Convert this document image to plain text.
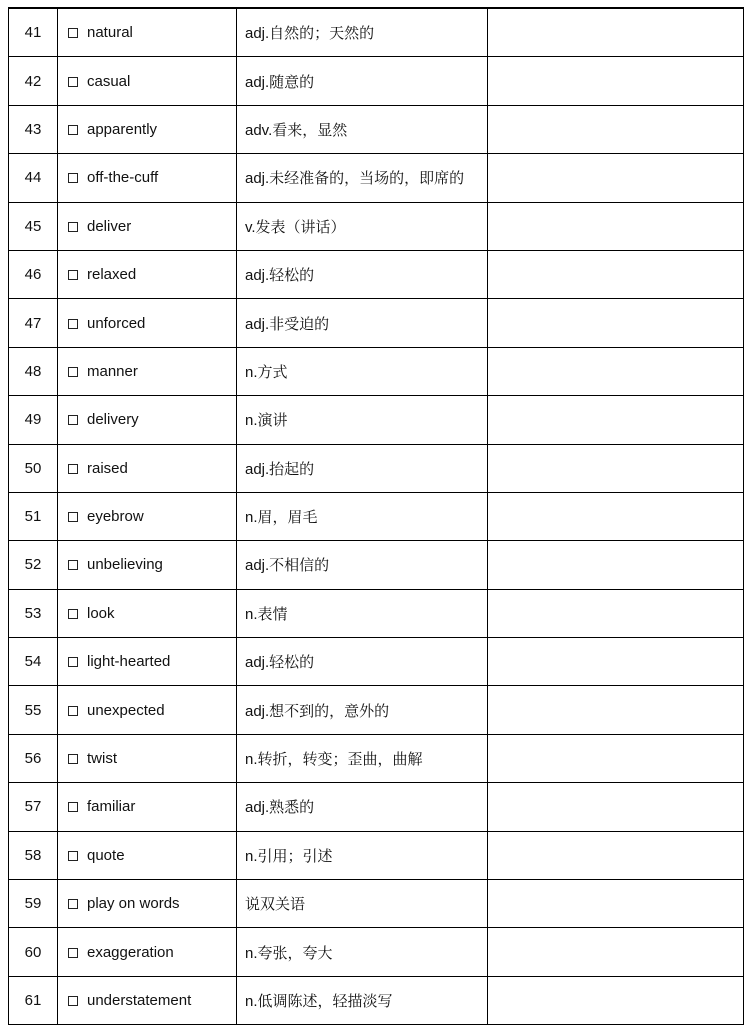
41	natural	adj.自然的；天然的	
42	casual	adj.随意的	
43	apparently	adv.看来，显然	
44	off-the-cuff	adj.未经准备的，当场的，即席的	
45	deliver	v.发表（讲话）	
46	relaxed	adj.轻松的	
47	unforced	adj.非受迫的	
48	manner	n.方式	
49	delivery	n.演讲	
50	raised	adj.抬起的	
51	eyebrow	n.眉，眉毛	
52	unbelieving	adj.不相信的	
53	look	n.表情	
54	light-hearted	adj.轻松的	
55	unexpected	adj.想不到的，意外的	
56	twist	n.转折，转变；歪曲，曲解	
57	familiar	adj.熟悉的	
58	quote	n.引用；引述	
59	play on words	说双关语	
60	exaggeration	n.夸张，夸大	
61	understatement	n.低调陈述，轻描淡写	
